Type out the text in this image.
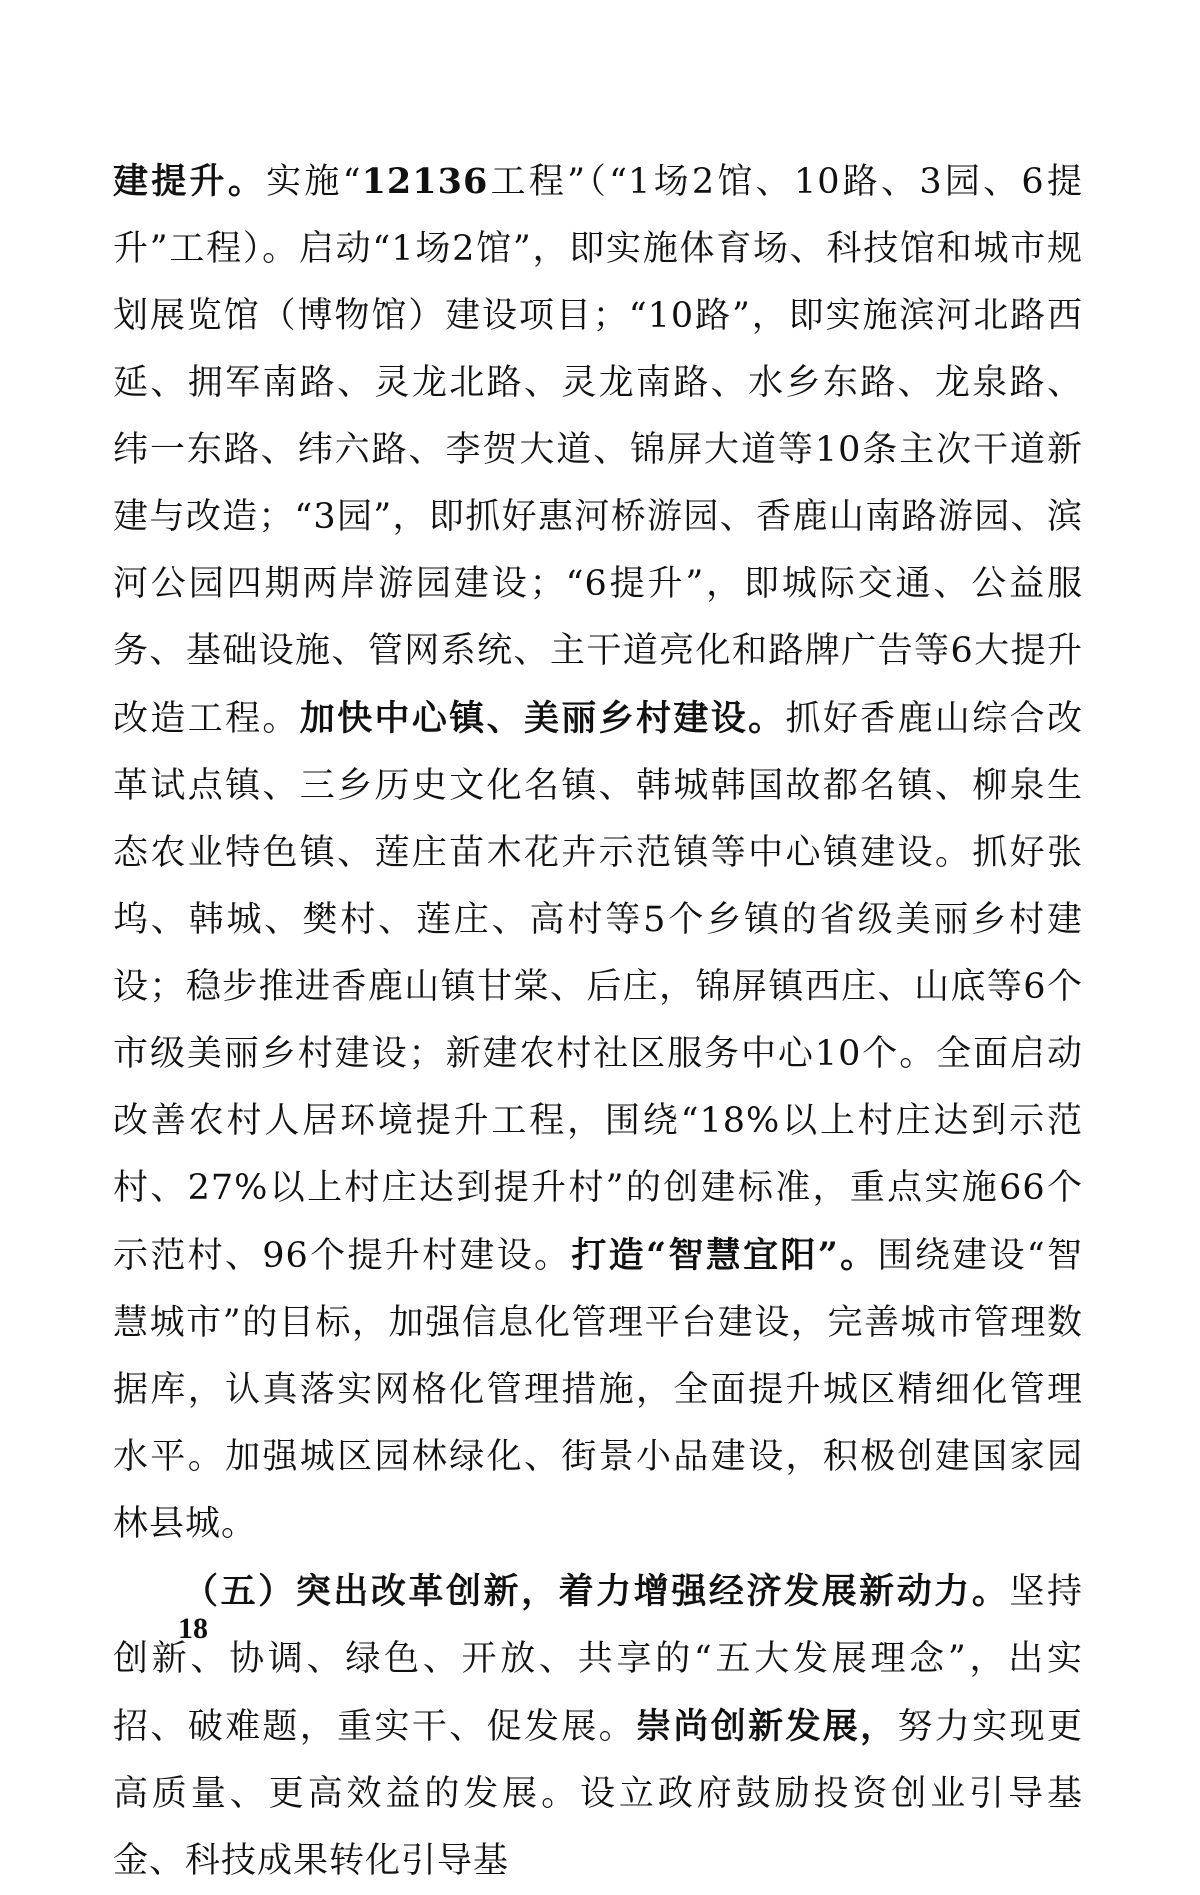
建提升。实施“12136工程”（“1场2馆、10路、3园、6提升”工程）。启动“1场2馆”，即实施体育场、科技馆和城市规划展览馆（博物馆）建设项目；“10路”，即实施滨河北路西延、拥军南路、灵龙北路、灵龙南路、水乡东路、龙泉路、纬一东路、纬六路、李贺大道、锦屏大道等10条主次干道新建与改造；“3园”，即抓好惠河桥游园、香鹿山南路游园、滨河公园四期两岸游园建设；“6提升”，即城际交通、公益服务、基础设施、管网系统、主干道亮化和路牌广告等6大提升改造工程。加快中心镇、美丽乡村建设。抓好香鹿山综合改革试点镇、三乡历史文化名镇、韩城韩国故都名镇、柳泉生态农业特色镇、莲庄苗木花卉示范镇等中心镇建设。抓好张坞、韩城、樊村、莲庄、高村等5个乡镇的省级美丽乡村建设；稳步推进香鹿山镇甘棠、后庄，锦屏镇西庄、山底等6个市级美丽乡村建设；新建农村社区服务中心10个。全面启动改善农村人居环境提升工程，围绕“18%以上村庄达到示范村、27%以上村庄达到提升村”的创建标准，重点实施66个示范村、96个提升村建设。打造“智慧宜阳”。围绕建设“智慧城市”的目标，加强信息化管理平台建设，完善城市管理数据库，认真落实网格化管理措施，全面提升城区精细化管理水平。加强城区园林绿化、街景小品建设，积极创建国家园林县城。

（五）突出改革创新，着力增强经济发展新动力。坚持创新、协调、绿色、开放、共享的“五大发展理念”，出实招、破难题，重实干、促发展。崇尚创新发展，努力实现更高质量、更高效益的发展。设立政府鼓励投资创业引导基金、科技成果转化引导基

18
